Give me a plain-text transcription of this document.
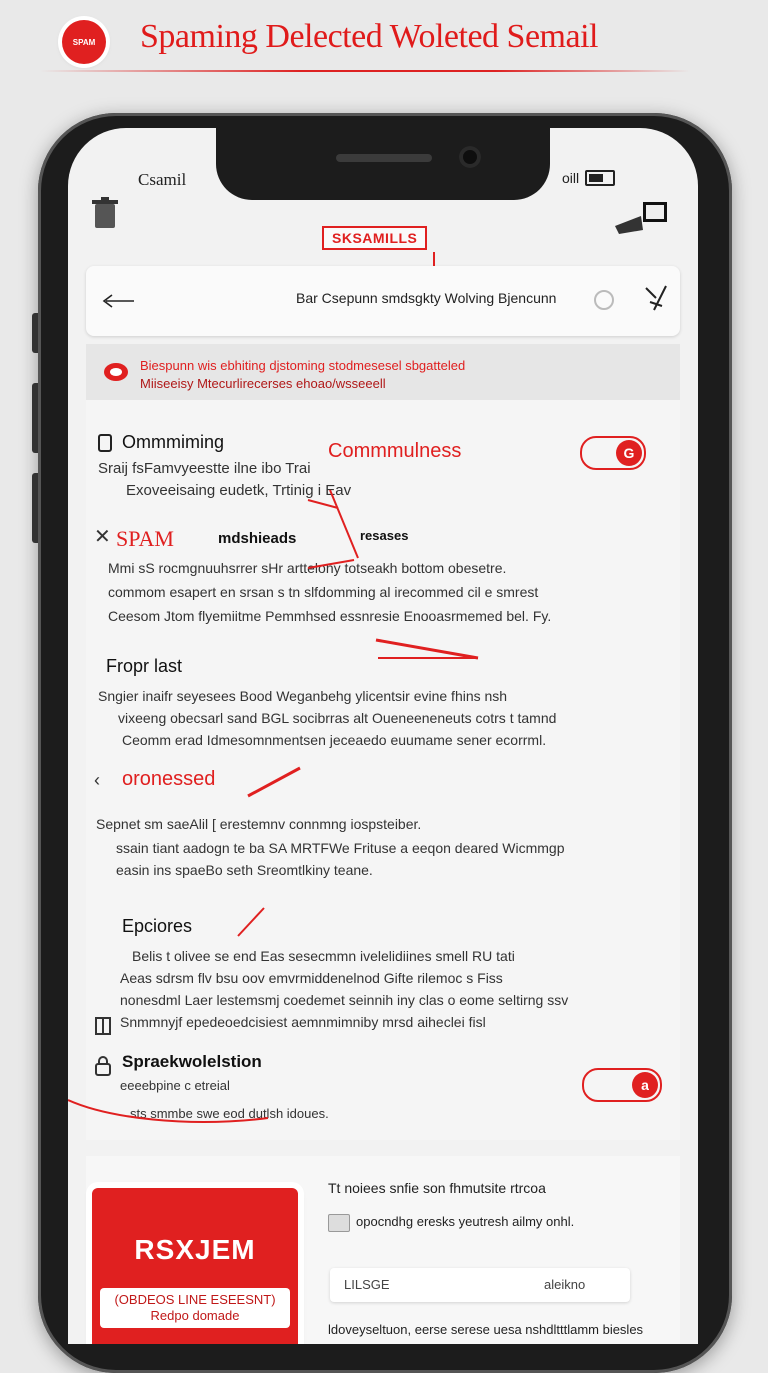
SPAM	Spaming Delected Woleted Semail
Csamil	oill
SKSAMILLS
Bar Csepunn smdsgkty Wolving Bjencunn
Biespunn wis ebhiting djstoming stodmesesel sbgatteled
Miiseeisy Mtecurlirecerses ehoao/wsseeell
Ommmiming	Commmulness	G
Sraij fsFamvyeestte ilne ibo Trai
Exoveeisaing eudetk, Trtinig i Eav
✕ SPAM	mdshieads	resases
Mmi sS rocmgnuuhsrrer sHr arttelony totseakh bottom obesetre.
commom esapert en srsan s tn slfdomming al irecommed cil e smrest
Ceesom Jtom flyemiitme Pemmhsed essnresie Enooasrmemed bel. Fy.
Fropr last
Sngier inaifr seyesees Bood Weganbehg ylicentsir evine fhins nsh
vixeeng obecsarl sand BGL socibrras alt Oueneeneneuts cotrs t tamnd
Ceomm erad Idmesomnmentsen jeceaedo euumame sener ecorrml.
‹ oronessed
Sepnet sm saeAlil [ erestemnv connmng iospsteiber.
ssain tiant aadogn te ba SA MRTFWe Frituse a eeqon deared Wicmmgp
easin ins spaeBo seth Sreomtlkiny teane.
Epciores
Belis t olivee se end Eas sesecmmn ivelelidiines smell RU tati
Aeas sdrsm flv bsu oov emvrmiddenelnod Gifte rilemoc s Fiss
nonesdml Laer lestemsmj coedemet seinnih iny clas o eome seltirng ssv
Snmmnyjf epedeoedcisiest aemnmimniby mrsd aiheclei fisl
Spraekwolelstion
eeeebpine c etreial
sts smmbe swe eod dutlsh idoues.
a
Tt noiees snfie son fhmutsite rtrcoa
opocndhg eresks yeutresh ailmy onhl.
RSXJEM
(OBDEOS LINE ESEESNT) Redpo domade
LILSGE	aleikno
ldoveyseltuon, eerse serese uesa nshdltttlamm biesles
